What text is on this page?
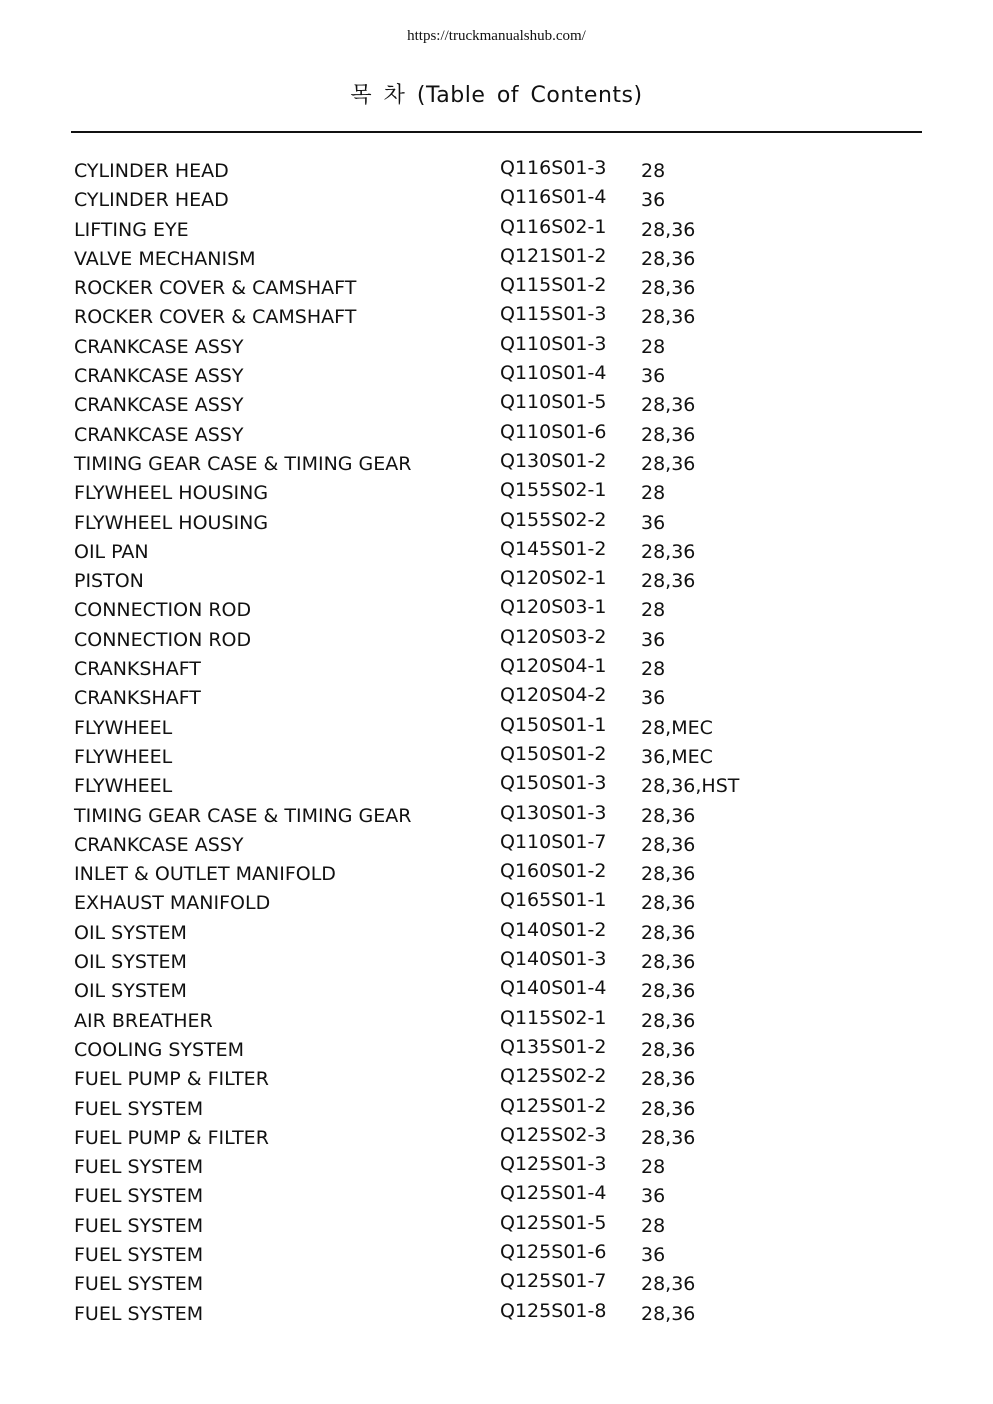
https://truckmanualshub.com/
목 차 (Table of Contents)
CYLINDER HEAD	Q116S01-3 28
CYLINDER HEAD	Q116S01-4 36
LIFTING EYE	Q116S02-1 28,36
VALVE MECHANISM	Q121S01-2 28,36
ROCKER COVER & CAMSHAFT	Q115S01-2 28,36
ROCKER COVER & CAMSHAFT	Q115S01-3 28,36
CRANKCASE ASSY	Q110S01-3 28
CRANKCASE ASSY	Q110S01-4 36
CRANKCASE ASSY	Q110S01-5 28,36
CRANKCASE ASSY	Q110S01-6 28,36
TIMING GEAR CASE & TIMING GEAR	Q130S01-2 28,36
FLYWHEEL HOUSING	Q155S02-1 28
FLYWHEEL HOUSING	Q155S02-2 36
OIL PAN	Q145S01-2 28,36
PISTON	Q120S02-1 28,36
CONNECTION ROD	Q120S03-1 28
CONNECTION ROD	Q120S03-2 36
CRANKSHAFT	Q120S04-1 28
CRANKSHAFT	Q120S04-2 36
FLYWHEEL	Q150S01-1 28,MEC
FLYWHEEL	Q150S01-2 36,MEC
FLYWHEEL	Q150S01-3 28,36,HST
TIMING GEAR CASE & TIMING GEAR	Q130S01-3 28,36
CRANKCASE ASSY	Q110S01-7 28,36
INLET & OUTLET MANIFOLD	Q160S01-2 28,36
EXHAUST MANIFOLD	Q165S01-1 28,36
OIL SYSTEM	Q140S01-2 28,36
OIL SYSTEM	Q140S01-3 28,36
OIL SYSTEM	Q140S01-4 28,36
AIR BREATHER	Q115S02-1 28,36
COOLING SYSTEM	Q135S01-2 28,36
FUEL PUMP & FILTER	Q125S02-2 28,36
FUEL SYSTEM	Q125S01-2 28,36
FUEL PUMP & FILTER	Q125S02-3 28,36
FUEL SYSTEM	Q125S01-3 28
FUEL SYSTEM	Q125S01-4 36
FUEL SYSTEM	Q125S01-5 28
FUEL SYSTEM	Q125S01-6 36
FUEL SYSTEM	Q125S01-7 28,36
FUEL SYSTEM	Q125S01-8 28,36
